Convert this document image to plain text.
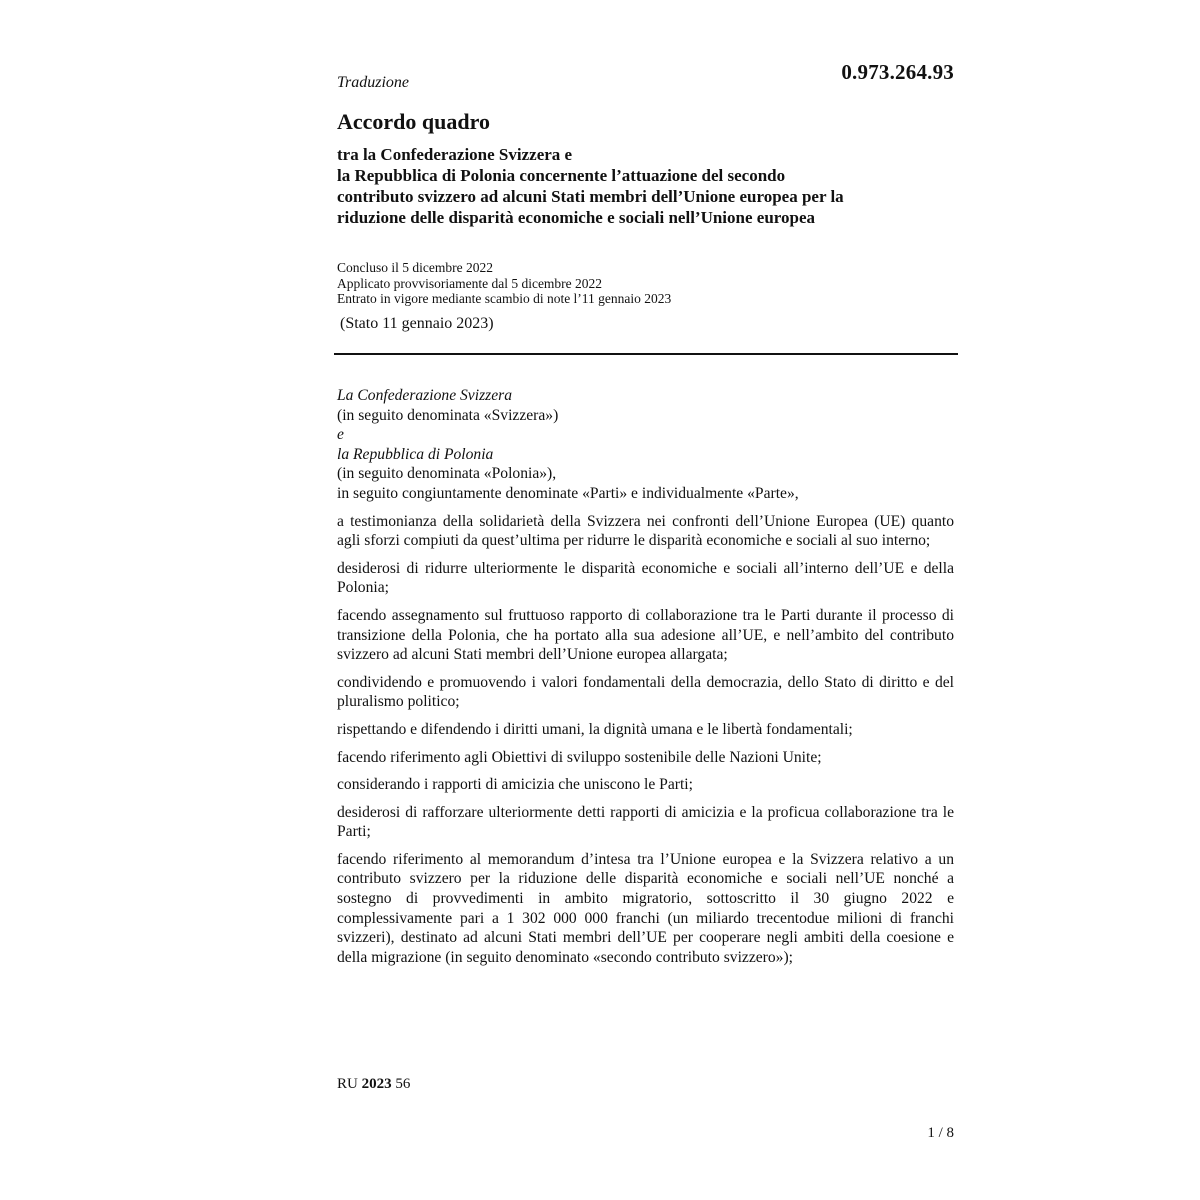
0.973.264.93
Traduzione
Accordo quadro
tra la Confederazione Svizzera e
la Repubblica di Polonia concernente l’attuazione del secondo
contributo svizzero ad alcuni Stati membri dell’Unione europea per la
riduzione delle disparità economiche e sociali nell’Unione europea
Concluso il 5 dicembre 2022
Applicato provvisoriamente dal 5 dicembre 2022
Entrato in vigore mediante scambio di note l’11 gennaio 2023
(Stato 11 gennaio 2023)
La Confederazione Svizzera
(in seguito denominata «Svizzera»)
e
la Repubblica di Polonia
(in seguito denominata «Polonia»),
in seguito congiuntamente denominate «Parti» e individualmente «Parte»,

a testimonianza della solidarietà della Svizzera nei confronti dell’Unione Europea (UE) quanto agli sforzi compiuti da quest’ultima per ridurre le disparità economiche e sociali al suo interno;

desiderosi di ridurre ulteriormente le disparità economiche e sociali all’interno dell’UE e della Polonia;

facendo assegnamento sul fruttuoso rapporto di collaborazione tra le Parti durante il processo di transizione della Polonia, che ha portato alla sua adesione all’UE, e nell’ambito del contributo svizzero ad alcuni Stati membri dell’Unione europea allargata;

condividendo e promuovendo i valori fondamentali della democrazia, dello Stato di diritto e del pluralismo politico;

rispettando e difendendo i diritti umani, la dignità umana e le libertà fondamentali;

facendo riferimento agli Obiettivi di sviluppo sostenibile delle Nazioni Unite;

considerando i rapporti di amicizia che uniscono le Parti;

desiderosi di rafforzare ulteriormente detti rapporti di amicizia e la proficua collaborazione tra le Parti;

facendo riferimento al memorandum d’intesa tra l’Unione europea e la Svizzera relativo a un contributo svizzero per la riduzione delle disparità economiche e sociali nell’UE nonché a sostegno di provvedimenti in ambito migratorio, sottoscritto il 30 giugno 2022 e complessivamente pari a 1 302 000 000 franchi (un miliardo trecentodue milioni di franchi svizzeri), destinato ad alcuni Stati membri dell’UE per cooperare negli ambiti della coesione e della migrazione (in seguito denominato «secondo contributo svizzero»);

RU 2023 56
1 / 8
